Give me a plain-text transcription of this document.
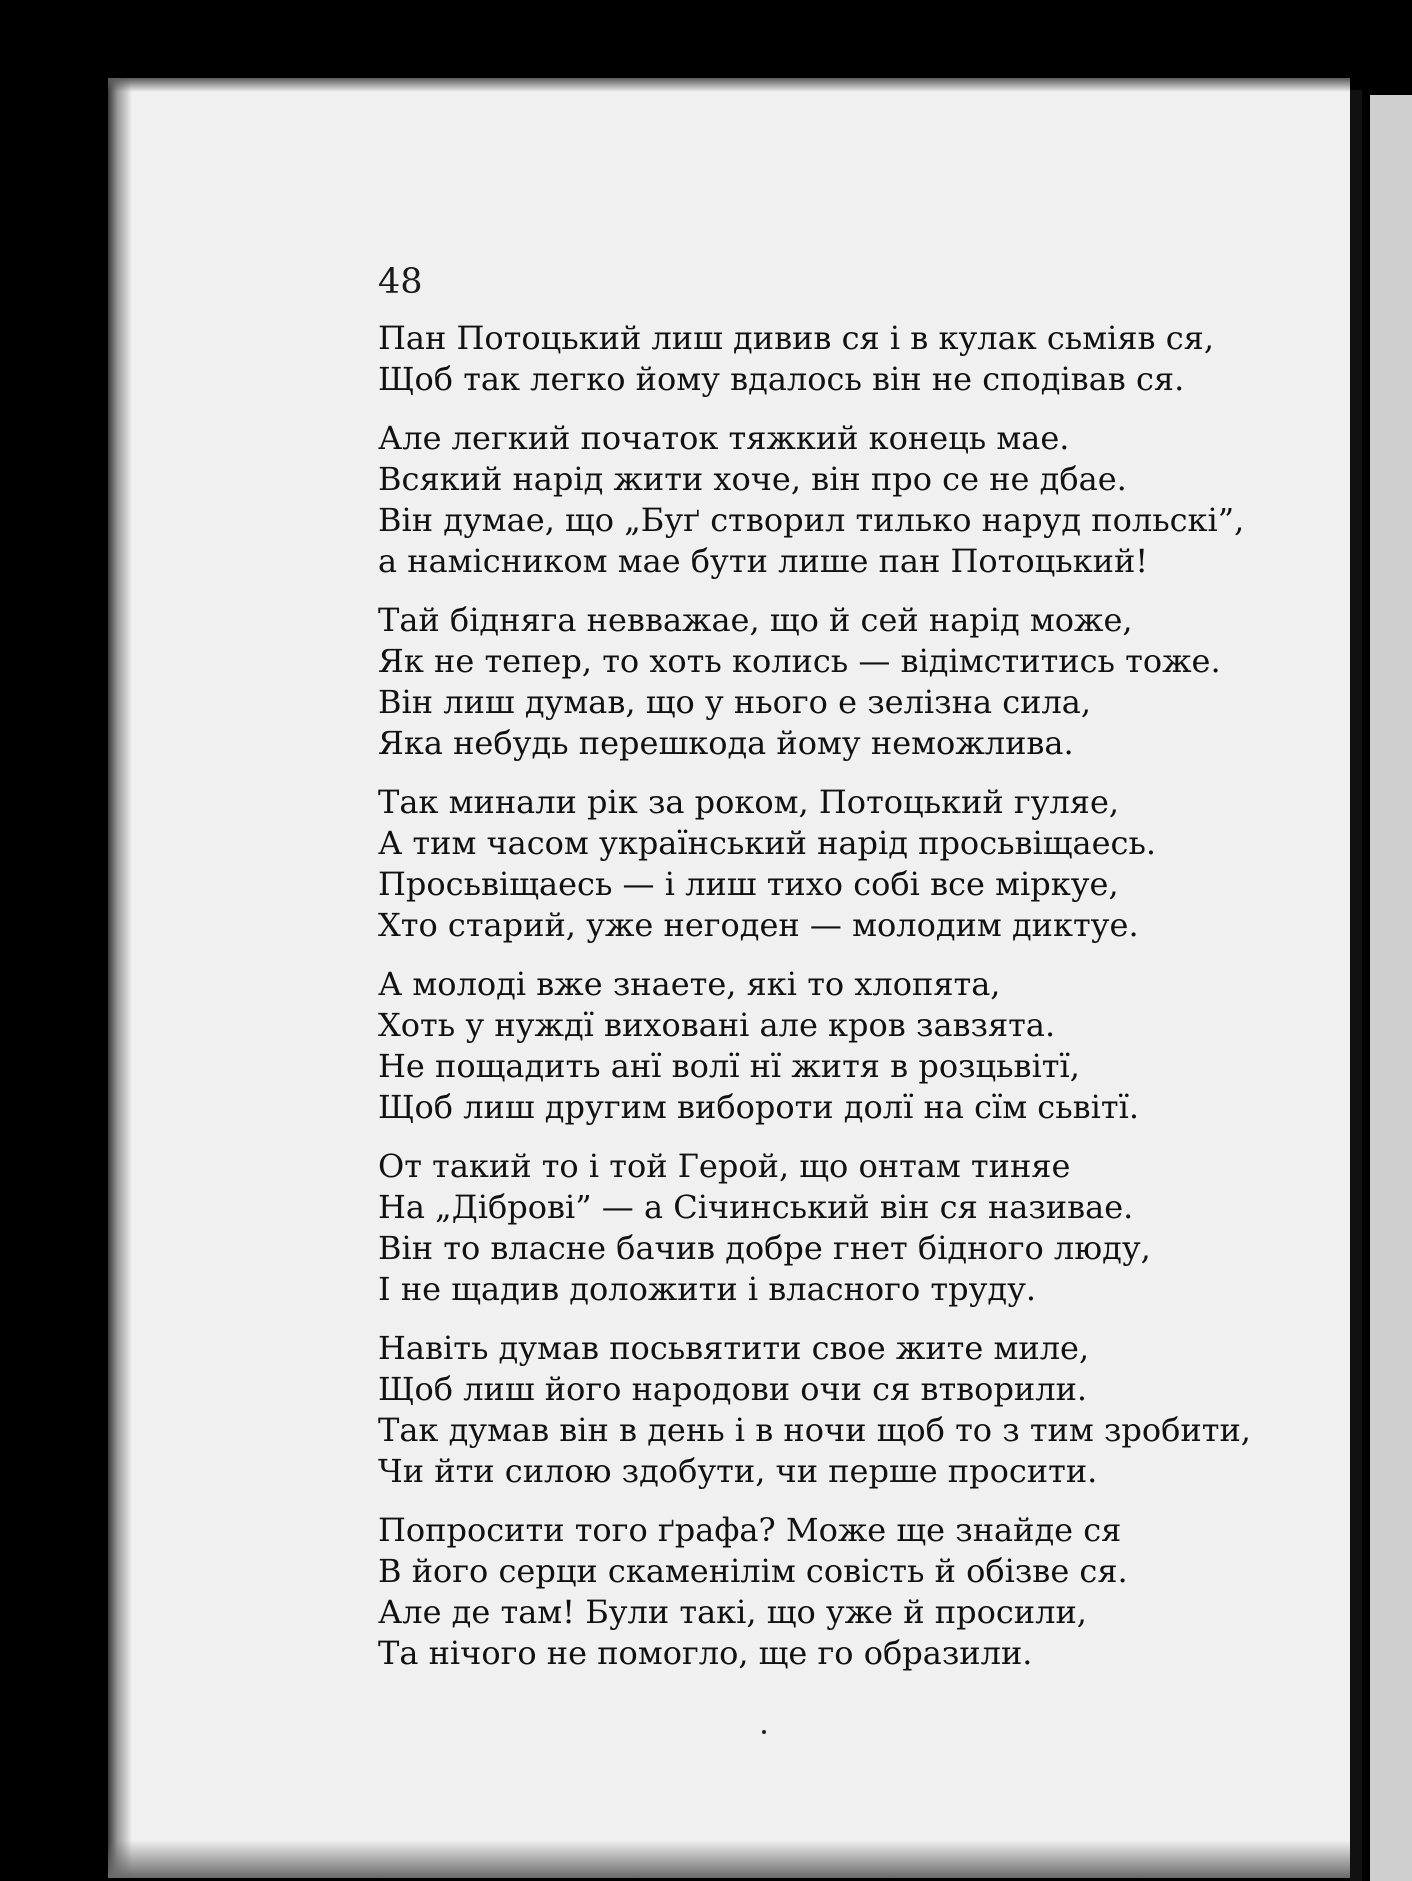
48

Пан Потоцький лиш дивив ся і в кулак сьміяв ся,
Щоб так легко йому вдалось він не сподівав ся.
Але легкий початок тяжкий конець мае.
Всякий нарід жити хоче, він про се не дбае.
Він думае, що „Буґ створил тилько наруд польскі”,
а намісником мае бути лише пан Потоцький!
Тай бідняга невважае, що й сей нарід може,
Як не тепер, то хоть колись — відімститись тоже.
Він лиш думав, що у нього е зелізна сила,
Яка небудь перешкода йому неможлива.
Так минали рік за роком, Потоцький гуляе,
А тим часом український нарід просьвіщаесь.
Просьвіщаесь — і лиш тихо собі все міркуе,
Хто старий, уже негоден — молодим диктуе.
А молоді вже знаете, які то хлопята,
Хоть у нуждї виховані але кров завзята.
Не пощадить анї волї нї житя в розцьвітї,
Щоб лиш другим вибороти долї на сїм сьвітї.
От такий то і той Герой, що онтам тиняе
На „Діброві” — а Січинський він ся називае.
Він то власне бачив добре гнет бідного люду,
І не щадив доложити і власного труду.
Навіть думав посьвятити свое жите миле,
Щоб лиш його народови очи ся втворили.
Так думав він в день і в ночи щоб то з тим зробити,
Чи йти силою здобути, чи перше просити.
Попросити того ґрафа? Може ще знайде ся
В його серци скаменілім совість й обізве ся.
Але де там! Були такі, що уже й просили,
Та нічого не помогло, ще го образили.
